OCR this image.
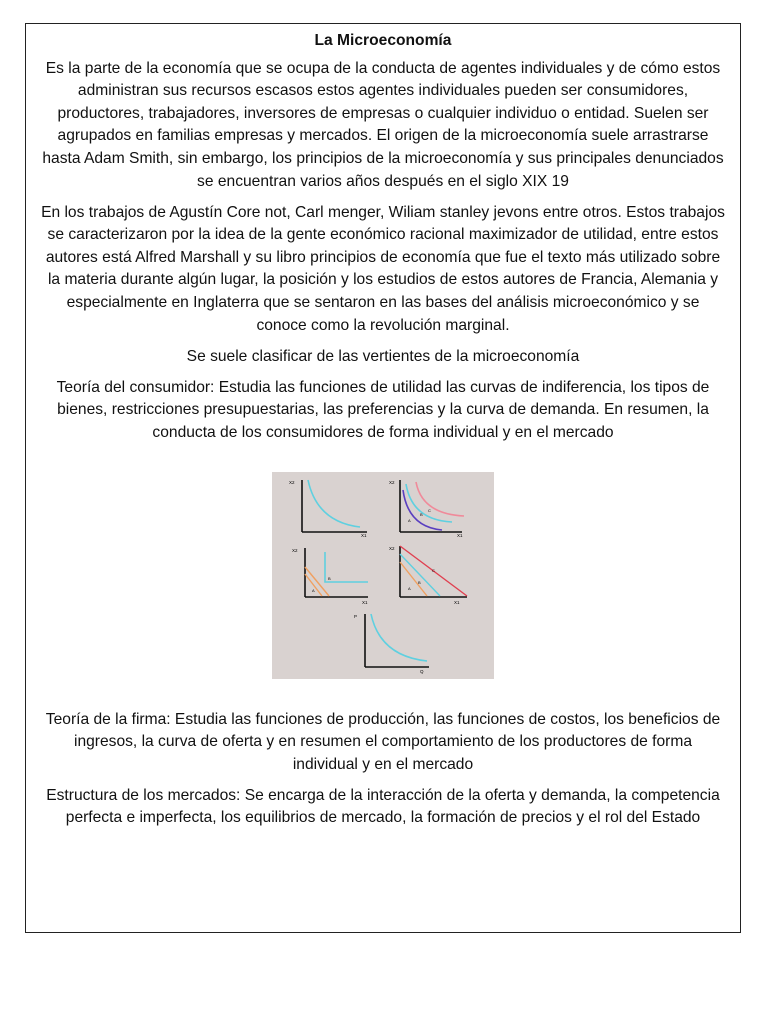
La Microeconomía

Es la parte de la economía que se ocupa de la conducta de agentes individuales y de cómo estos administran sus recursos escasos estos agentes individuales pueden ser consumidores, productores, trabajadores, inversores de empresas o cualquier individuo o entidad. Suelen ser agrupados en familias empresas y mercados. El origen de la microeconomía suele arrastrarse hasta Adam Smith, sin embargo, los principios de la microeconomía y sus principales denunciados se encuentran varios años después en el siglo XIX 19

En los trabajos de Agustín Core not, Carl menger, Wiliam stanley jevons entre otros. Estos trabajos se caracterizaron por la idea de la gente económico racional maximizador de utilidad, entre estos autores está Alfred Marshall y su libro principios de economía que fue el texto más utilizado sobre la materia durante algún lugar, la posición y los estudios de estos autores de Francia, Alemania y especialmente en Inglaterra que se sentaron en las bases del análisis microeconómico y se conoce como la revolución marginal.

Se suele clasificar de las vertientes de la microeconomía

Teoría del consumidor: Estudia las funciones de utilidad las curvas de indiferencia, los tipos de bienes, restricciones presupuestarias, las preferencias y la curva de demanda. En resumen, la conducta de los consumidores de forma individual y en el mercado

X2
X1
X2
X1
A
B
C
X2
X1
A
B
X2
X1
A
B
C
P
Q

Teoría de la firma: Estudia las funciones de producción, las funciones de costos, los beneficios de ingresos, la curva de oferta y en resumen el comportamiento de los productores de forma individual y en el mercado

Estructura de los mercados: Se encarga de la interacción de la oferta y demanda, la competencia perfecta e imperfecta, los equilibrios de mercado, la formación de precios y el rol del Estado
